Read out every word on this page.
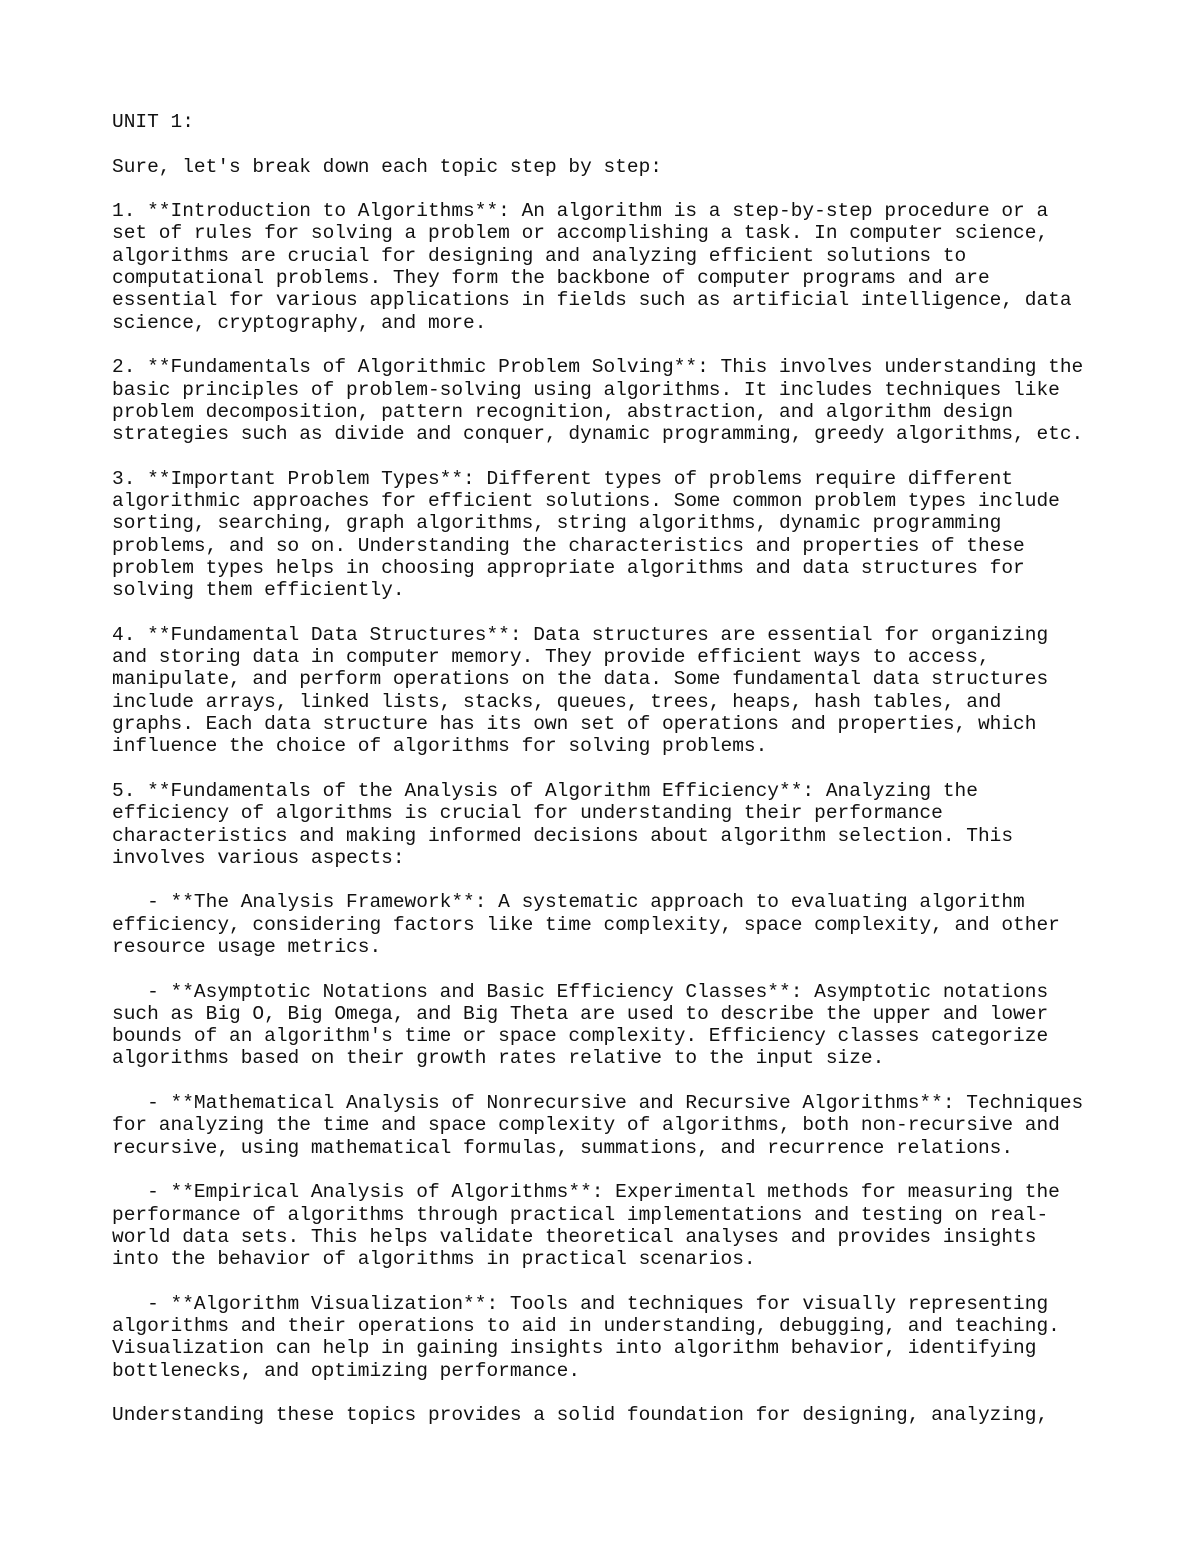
UNIT 1:
Sure, let's break down each topic step by step:
1. **Introduction to Algorithms**: An algorithm is a step-by-step procedure or a
set of rules for solving a problem or accomplishing a task. In computer science,
algorithms are crucial for designing and analyzing efficient solutions to
computational problems. They form the backbone of computer programs and are
essential for various applications in fields such as artificial intelligence, data
science, cryptography, and more.
2. **Fundamentals of Algorithmic Problem Solving**: This involves understanding the
basic principles of problem-solving using algorithms. It includes techniques like
problem decomposition, pattern recognition, abstraction, and algorithm design
strategies such as divide and conquer, dynamic programming, greedy algorithms, etc.
3. **Important Problem Types**: Different types of problems require different
algorithmic approaches for efficient solutions. Some common problem types include
sorting, searching, graph algorithms, string algorithms, dynamic programming
problems, and so on. Understanding the characteristics and properties of these
problem types helps in choosing appropriate algorithms and data structures for
solving them efficiently.
4. **Fundamental Data Structures**: Data structures are essential for organizing
and storing data in computer memory. They provide efficient ways to access,
manipulate, and perform operations on the data. Some fundamental data structures
include arrays, linked lists, stacks, queues, trees, heaps, hash tables, and
graphs. Each data structure has its own set of operations and properties, which
influence the choice of algorithms for solving problems.
5. **Fundamentals of the Analysis of Algorithm Efficiency**: Analyzing the
efficiency of algorithms is crucial for understanding their performance
characteristics and making informed decisions about algorithm selection. This
involves various aspects:
- **The Analysis Framework**: A systematic approach to evaluating algorithm
efficiency, considering factors like time complexity, space complexity, and other
resource usage metrics.
- **Asymptotic Notations and Basic Efficiency Classes**: Asymptotic notations
such as Big O, Big Omega, and Big Theta are used to describe the upper and lower
bounds of an algorithm's time or space complexity. Efficiency classes categorize
algorithms based on their growth rates relative to the input size.
- **Mathematical Analysis of Nonrecursive and Recursive Algorithms**: Techniques
for analyzing the time and space complexity of algorithms, both non-recursive and
recursive, using mathematical formulas, summations, and recurrence relations.
- **Empirical Analysis of Algorithms**: Experimental methods for measuring the
performance of algorithms through practical implementations and testing on real-
world data sets. This helps validate theoretical analyses and provides insights
into the behavior of algorithms in practical scenarios.
- **Algorithm Visualization**: Tools and techniques for visually representing
algorithms and their operations to aid in understanding, debugging, and teaching.
Visualization can help in gaining insights into algorithm behavior, identifying
bottlenecks, and optimizing performance.
Understanding these topics provides a solid foundation for designing, analyzing,
